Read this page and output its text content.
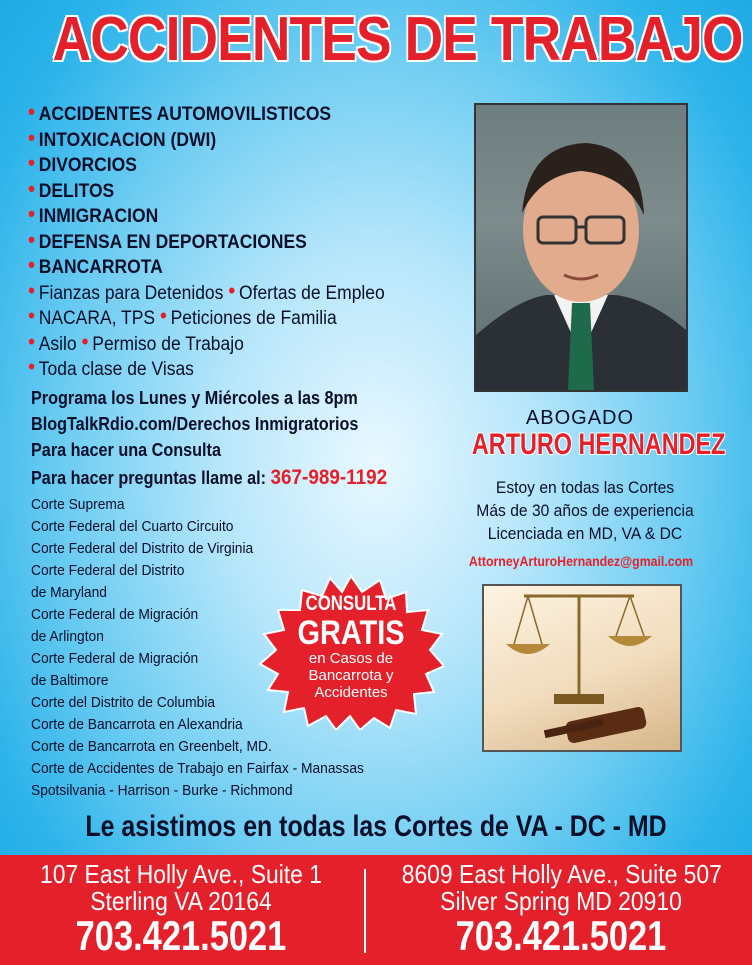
ACCIDENTES DE TRABAJO
• ACCIDENTES AUTOMOVILISTICOS
• INTOXICACION (DWI)
• DIVORCIOS
• DELITOS
• INMIGRACION
• DEFENSA EN DEPORTACIONES
• BANCARROTA
• Fianzas para Detenidos • Ofertas de Empleo
• NACARA, TPS • Peticiones de Familia
• Asilo • Permiso de Trabajo
• Toda clase de Visas
Programa los Lunes y Miércoles a las 8pm
BlogTalkRdio.com/Derechos Inmigratorios
Para hacer una Consulta
Para hacer preguntas llame al: 367-989-1192
Corte Suprema
Corte Federal del Cuarto Circuito
Corte Federal del Distrito de Virginia
Corte Federal del Distrito
de Maryland
Corte Federal de Migración
de Arlington
Corte Federal de Migración
de Baltimore
Corte del Distrito de Columbia
Corte de Bancarrota en Alexandria
Corte de Bancarrota en Greenbelt, MD.
Corte de Accidentes de Trabajo en Fairfax - Manassas
Spotsilvania - Harrison - Burke - Richmond
ABOGADO
ARTURO HERNANDEZ
Estoy en todas las Cortes
Más de 30 años de experiencia
Licenciada en MD, VA & DC
AttorneyArturoHernandez@gmail.com
CONSULTA
GRATIS
en Casos de
Bancarrota y
Accidentes
Le asistimos en todas las Cortes de VA - DC - MD
107 East Holly Ave., Suite 1
Sterling VA 20164
703.421.5021
8609 East Holly Ave., Suite 507
Silver Spring MD 20910
703.421.5021
